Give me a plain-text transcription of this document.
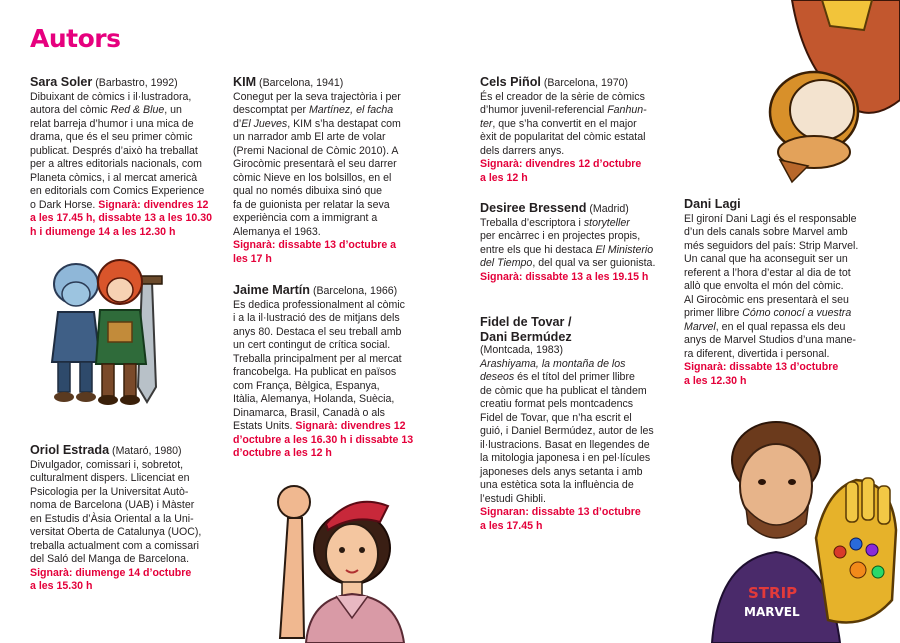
Autors

Sara Soler (Barbastro, 1992)

Dibuixant de còmics i il·lustradora,

autora del còmic Red & Blue, un

relat barreja d’humor i una mica de

drama, que és el seu primer còmic

publicat. Després d’això ha treballat

per a altres editorials nacionals, com

Planeta còmics, i al mercat americà

en editorials com Comics Experience

o Dark Horse. Signarà: divendres 12

a les 17.45 h, dissabte 13 a les 10.30

h i diumenge 14 a les 12.30 h

Oriol Estrada (Mataró, 1980)

Divulgador, comissari i, sobretot,

culturalment dispers. Llicenciat en

Psicologia per la Universitat Autò-

noma de Barcelona (UAB) i Màster

en Estudis d’Àsia Oriental a la Uni-

versitat Oberta de Catalunya (UOC),

treballa actualment com a comissari

del Saló del Manga de Barcelona.

Signarà: diumenge 14 d’octubre

a les 15.30 h

KIM (Barcelona, 1941)

Conegut per la seva trajectòria i per

descomptat per Martínez, el facha

d’El Jueves, KIM s’ha destapat com

un narrador amb El arte de volar

(Premi Nacional de Còmic 2010). A

Girocòmic presentarà el seu darrer

còmic Nieve en los bolsillos, en el

qual no només dibuixa sinó que

fa de guionista per relatar la seva

experiència com a immigrant a

Alemanya el 1963.

Signarà: dissabte 13 d’octubre a

les 17 h

Jaime Martín (Barcelona, 1966)

Es dedica professionalment al còmic

i a la il·lustració des de mitjans dels

anys 80. Destaca el seu treball amb

un cert contingut de crítica social.

Treballa principalment per al mercat

francobelga. Ha publicat en països

com França, Bèlgica, Espanya,

Itàlia, Alemanya, Holanda, Suècia,

Dinamarca, Brasil, Canadà o als

Estats Units. Signarà: divendres 12

d’octubre a les 16.30 h i dissabte 13

d’octubre a les 12 h

Cels Piñol (Barcelona, 1970)

És el creador de la sèrie de còmics

d’humor juvenil-referencial Fanhun-

ter, que s’ha convertit en el major

èxit de popularitat del còmic estatal

dels darrers anys.

Signarà: divendres 12 d’octubre

a les 12 h

Desiree Bressend (Madrid)

Treballa d’escriptora i storyteller

per encàrrec i en projectes propis,

entre els que hi destaca El Ministerio

del Tiempo, del qual va ser guionista.

Signarà: dissabte 13 a les 19.15 h

Fidel de Tovar /
Dani Bermúdez

(Montcada, 1983)

Arashiyama, la montaña de los

deseos és el títol del primer llibre

de còmic que ha publicat el tàndem

creatiu format pels montcadencs

Fidel de Tovar, que n’ha escrit el

guió, i Daniel Bermúdez, autor de les

il·lustracions. Basat en llegendes de

la mitologia japonesa i en pel·lícules

japoneses dels anys setanta i amb

una estètica sota la influència de

l’estudi Ghibli.

Signaran: dissabte 13 d’octubre

a les 17.45 h

Dani Lagi

El gironí Dani Lagi és el responsable

d’un dels canals sobre Marvel amb

més seguidors del país: Strip Marvel.

Un canal que ha aconseguit ser un

referent a l’hora d’estar al dia de tot

allò que envolta el món del còmic.

Al Girocòmic ens presentarà el seu

primer llibre Cómo conocí a vuestra

Marvel, en el qual repassa els deu

anys de Marvel Studios d’una mane-

ra diferent, divertida i personal.

Signarà: dissabte 13 d’octubre

a les 12.30 h

STRIP
MARVEL
